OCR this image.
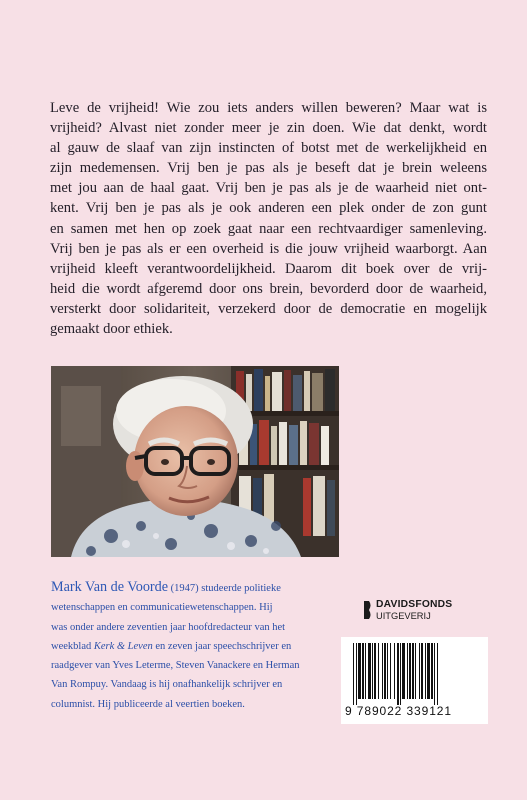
Leve de vrijheid! Wie zou iets anders willen beweren? Maar wat is
vrijheid? Alvast niet zonder meer je zin doen. Wie dat denkt, wordt
al gauw de slaaf van zijn instincten of botst met de werkelijkheid en
zijn medemensen. Vrij ben je pas als je beseft dat je brein weleens
met jou aan de haal gaat. Vrij ben je pas als je de waarheid niet ont-
kent. Vrij ben je pas als je ook anderen een plek onder de zon gunt
en samen met hen op zoek gaat naar een rechtvaardiger samenleving.
Vrij ben je pas als er een overheid is die jouw vrijheid waarborgt. Aan
vrijheid kleeft verantwoordelijkheid. Daarom dit boek over de vrij-
heid die wordt afgeremd door ons brein, bevorderd door de waarheid,
versterkt door solidariteit, verzekerd door de democratie en mogelijk
gemaakt door ethiek.
Mark Van de Voorde (1947) studeerde politieke
wetenschappen en communicatiewetenschappen. Hij
was onder andere zeventien jaar hoofdredacteur van het
weekblad Kerk & Leven en zeven jaar speechschrijver en
raadgever van Yves Leterme, Steven Vanackere en Herman
Van Rompuy. Vandaag is hij onafhankelijk schrijver en
columnist. Hij publiceerde al veertien boeken.
DAVIDSFONDS
UITGEVERIJ
9 789022 339121
